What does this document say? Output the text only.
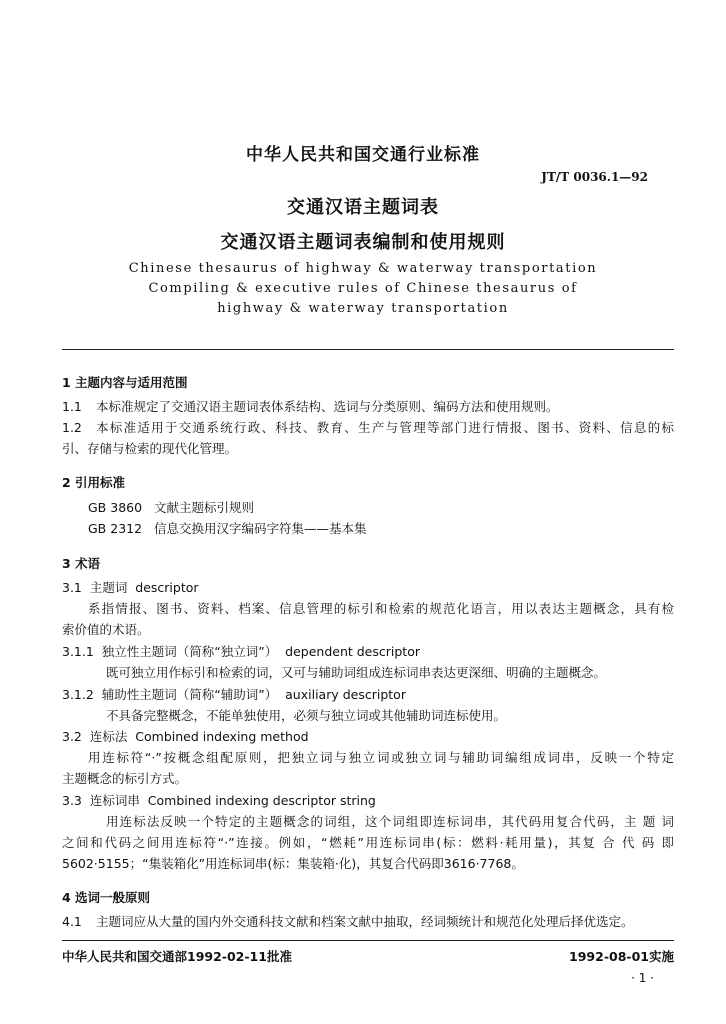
中华人民共和国交通行业标准
JT/T 0036.1—92
交通汉语主题词表
交通汉语主题词表编制和使用规则
Chinese thesaurus of highway & waterway transportation
Compiling & executive rules of Chinese thesaurus of
highway & waterway transportation
1 主题内容与适用范围
1.1 本标准规定了交通汉语主题词表体系结构、选词与分类原则、编码方法和使用规则。
1.2 本标准适用于交通系统行政、科技、教育、生产与管理等部门进行情报、图书、资料、信息的标
引、存储与检索的现代化管理。
2 引用标准
GB 3860   文献主题标引规则
GB 2312   信息交换用汉字编码字符集——基本集
3 术语
3.1  主题词  descriptor
系指情报、图书、资料、档案、信息管理的标引和检索的规范化语言，用以表达主题概念，具有检
索价值的术语。
3.1.1  独立性主题词（简称“独立词”）  dependent descriptor
既可独立用作标引和检索的词，又可与辅助词组成连标词串表达更深细、明确的主题概念。
3.1.2  辅助性主题词（简称“辅助词”）  auxiliary descriptor
不具备完整概念，不能单独使用，必须与独立词或其他辅助词连标使用。
3.2  连标法  Combined indexing method
用连标符“·”按概念组配原则，把独立词与独立词或独立词与辅助词编组成词串，反映一个特定
主题概念的标引方式。
3.3  连标词串  Combined indexing descriptor string
用连标法反映一个特定的主题概念的词组，这个词组即连标词串，其代码用复合代码，主 题 词
之间和代码之间用连标符“·”连接。例如，“燃耗”用连标词串(标：燃料·耗用量)，其复 合 代 码 即
5602·5155；“集装箱化”用连标词串(标：集装箱·化)，其复合代码即3616·7768。
4 选词一般原则
4.1 主题词应从大量的国内外交通科技文献和档案文献中抽取，经词频统计和规范化处理后择优选定。
中华人民共和国交通部1992-02-11批准	1992-08-01实施
· 1 ·
